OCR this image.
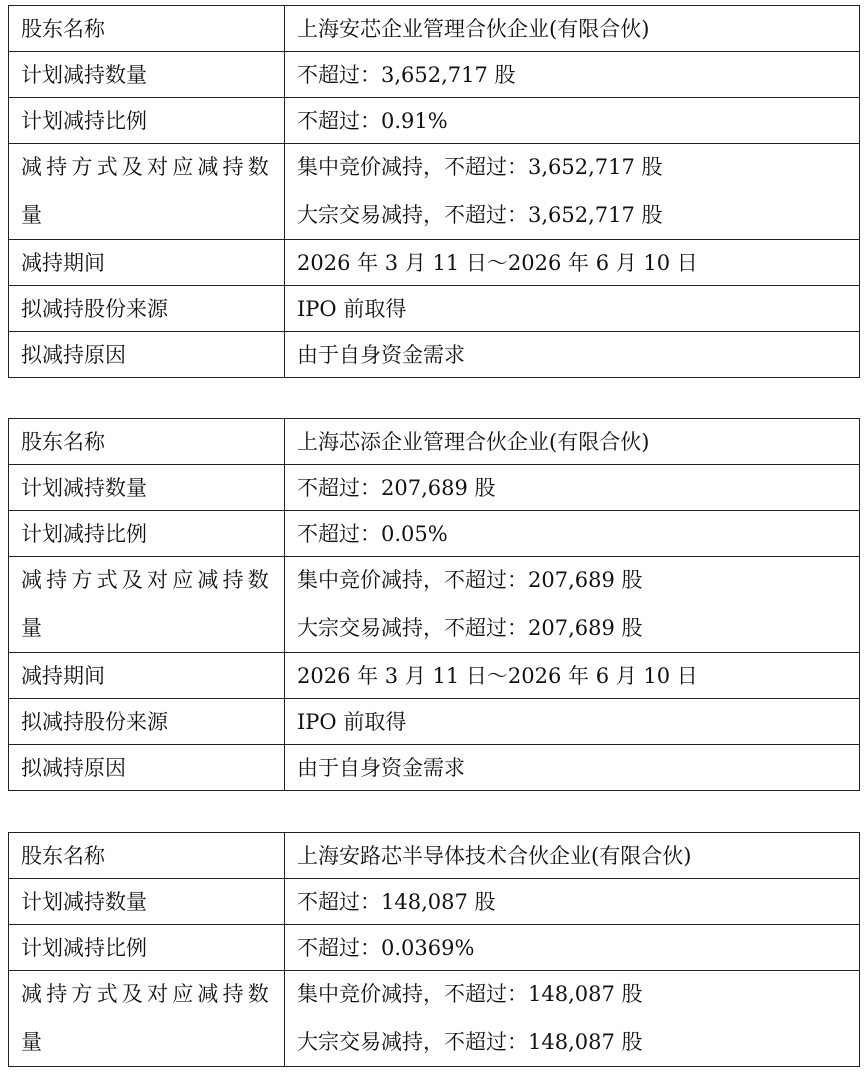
股东名称	上海安芯企业管理合伙企业(有限合伙)
计划减持数量	不超过：3,652,717 股
计划减持比例	不超过：0.91%

减持方式及对应减持数
量	集中竞价减持，不超过：3,652,717 股
大宗交易减持，不超过：3,652,717 股

减持期间	2026 年 3 月 11 日～2026 年 6 月 10 日
拟减持股份来源	IPO 前取得
拟减持原因	由于自身资金需求
股东名称	上海芯添企业管理合伙企业(有限合伙)
计划减持数量	不超过：207,689 股
计划减持比例	不超过：0.05%

减持方式及对应减持数
量	集中竞价减持，不超过：207,689 股
大宗交易减持，不超过：207,689 股

减持期间	2026 年 3 月 11 日～2026 年 6 月 10 日
拟减持股份来源	IPO 前取得
拟减持原因	由于自身资金需求
股东名称	上海安路芯半导体技术合伙企业(有限合伙)
计划减持数量	不超过：148,087 股
计划减持比例	不超过：0.0369%

减持方式及对应减持数
量	集中竞价减持，不超过：148,087 股
大宗交易减持，不超过：148,087 股
